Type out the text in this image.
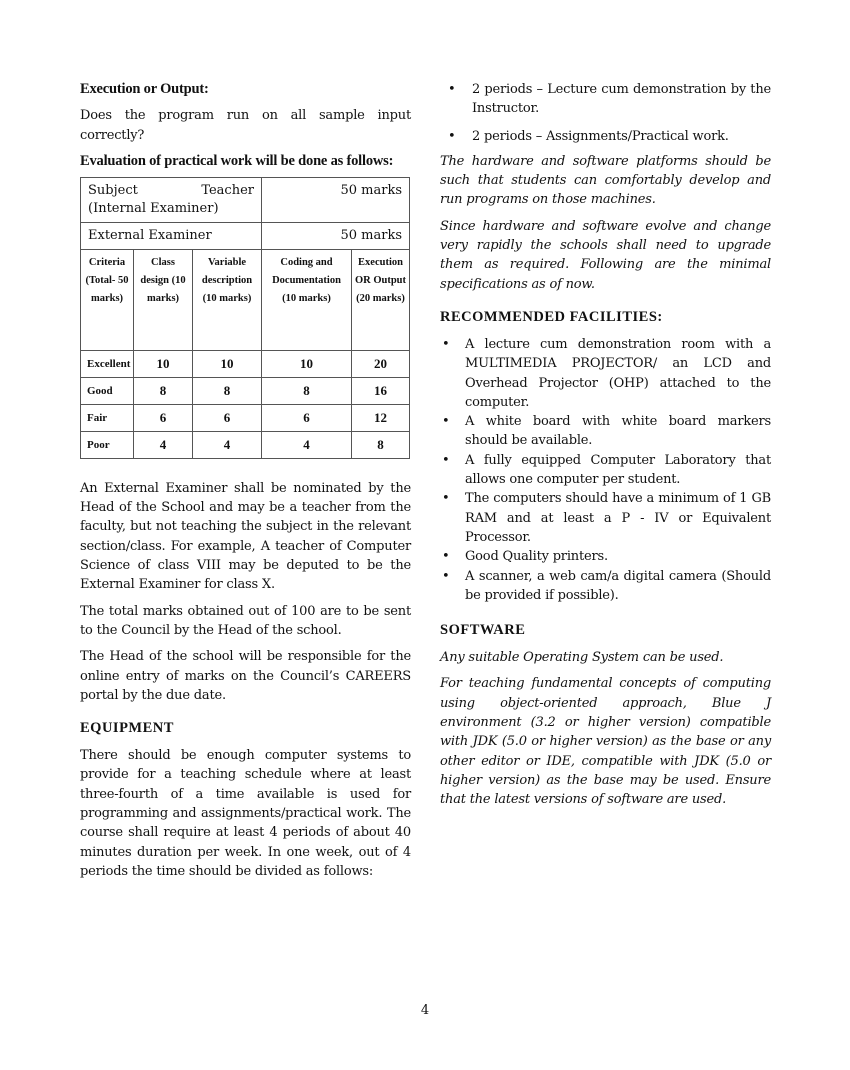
Execution or Output:

Does the program run on all sample input correctly?

Evaluation of practical work will be done as follows:

Subject Teacher (Internal Examiner)			50 marks	
External Examiner			50 marks	
Criteria (Total- 50 marks)	Class design (10 marks)	Variable description (10 marks)	Coding and Documentation (10 marks)	Execution OR Output (20 marks)
Excellent	10	10	10	20
Good	8	8	8	16
Fair	6	6	6	12
Poor	4	4	4	8

An External Examiner shall be nominated by the Head of the School and may be a teacher from the faculty, but not teaching the subject in the relevant section/class. For example, A teacher of Computer Science of class VIII may be deputed to be the External Examiner for class X.

The total marks obtained out of 100 are to be sent to the Council by the Head of the school.

The Head of the school will be responsible for the online entry of marks on the Council’s CAREERS portal by the due date.

EQUIPMENT

There should be enough computer systems to provide for a teaching schedule where at least three-fourth of a time available is used for programming and assignments/practical work. The course shall require at least 4 periods of about 40 minutes duration per week. In one week, out of 4 periods the time should be divided as follows:

• 2 periods – Lecture cum demonstration by the Instructor.
• 2 periods – Assignments/Practical work.

The hardware and software platforms should be such that students can comfortably develop and run programs on those machines.

Since hardware and software evolve and change very rapidly the schools shall need to upgrade them as required. Following are the minimal specifications as of now.

RECOMMENDED FACILITIES:
• A lecture cum demonstration room with a MULTIMEDIA PROJECTOR/ an LCD and Overhead Projector (OHP) attached to the computer.
• A white board with white board markers should be available.
• A fully equipped Computer Laboratory that allows one computer per student.
• The computers should have a minimum of 1 GB RAM and at least a P - IV or Equivalent Processor.
• Good Quality printers.
• A scanner, a web cam/a digital camera (Should be provided if possible).
SOFTWARE

Any suitable Operating System can be used.

For teaching fundamental concepts of computing using object-oriented approach, Blue J environment (3.2 or higher version) compatible with JDK (5.0 or higher version) as the base or any other editor or IDE, compatible with JDK (5.0 or higher version) as the base may be used. Ensure that the latest versions of software are used.

4
